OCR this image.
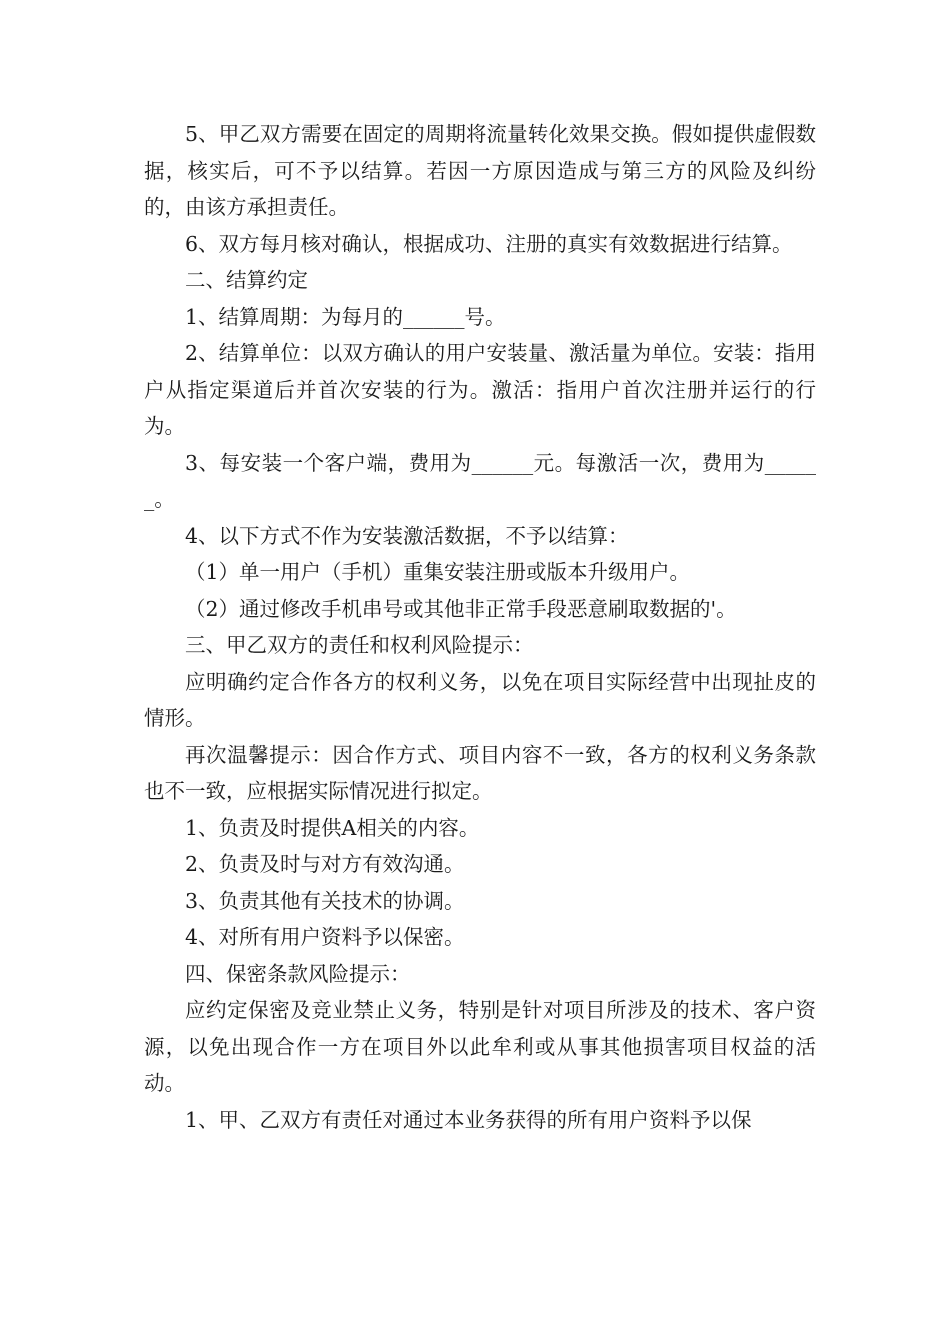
5、甲乙双方需要在固定的周期将流量转化效果交换。假如提供虚假数据，核实后，可不予以结算。若因一方原因造成与第三方的风险及纠纷的，由该方承担责任。

6、双方每月核对确认，根据成功、注册的真实有效数据进行结算。

二、结算约定

1、结算周期：为每月的______号。

2、结算单位：以双方确认的用户安装量、激活量为单位。安装：指用户从指定渠道后并首次安装的行为。激活：指用户首次注册并运行的行为。

3、每安装一个客户端，费用为______元。每激活一次，费用为______。

4、以下方式不作为安装激活数据，不予以结算：

（1）单一用户（手机）重集安装注册或版本升级用户。

（2）通过修改手机串号或其他非正常手段恶意刷取数据的'。

三、甲乙双方的责任和权利风险提示：

应明确约定合作各方的权利义务，以免在项目实际经营中出现扯皮的情形。

再次温馨提示：因合作方式、项目内容不一致，各方的权利义务条款也不一致，应根据实际情况进行拟定。

1、负责及时提供A相关的内容。

2、负责及时与对方有效沟通。

3、负责其他有关技术的协调。

4、对所有用户资料予以保密。

四、保密条款风险提示：

应约定保密及竞业禁止义务，特别是针对项目所涉及的技术、客户资源，以免出现合作一方在项目外以此牟利或从事其他损害项目权益的活动。

1、甲、乙双方有责任对通过本业务获得的所有用户资料予以保
